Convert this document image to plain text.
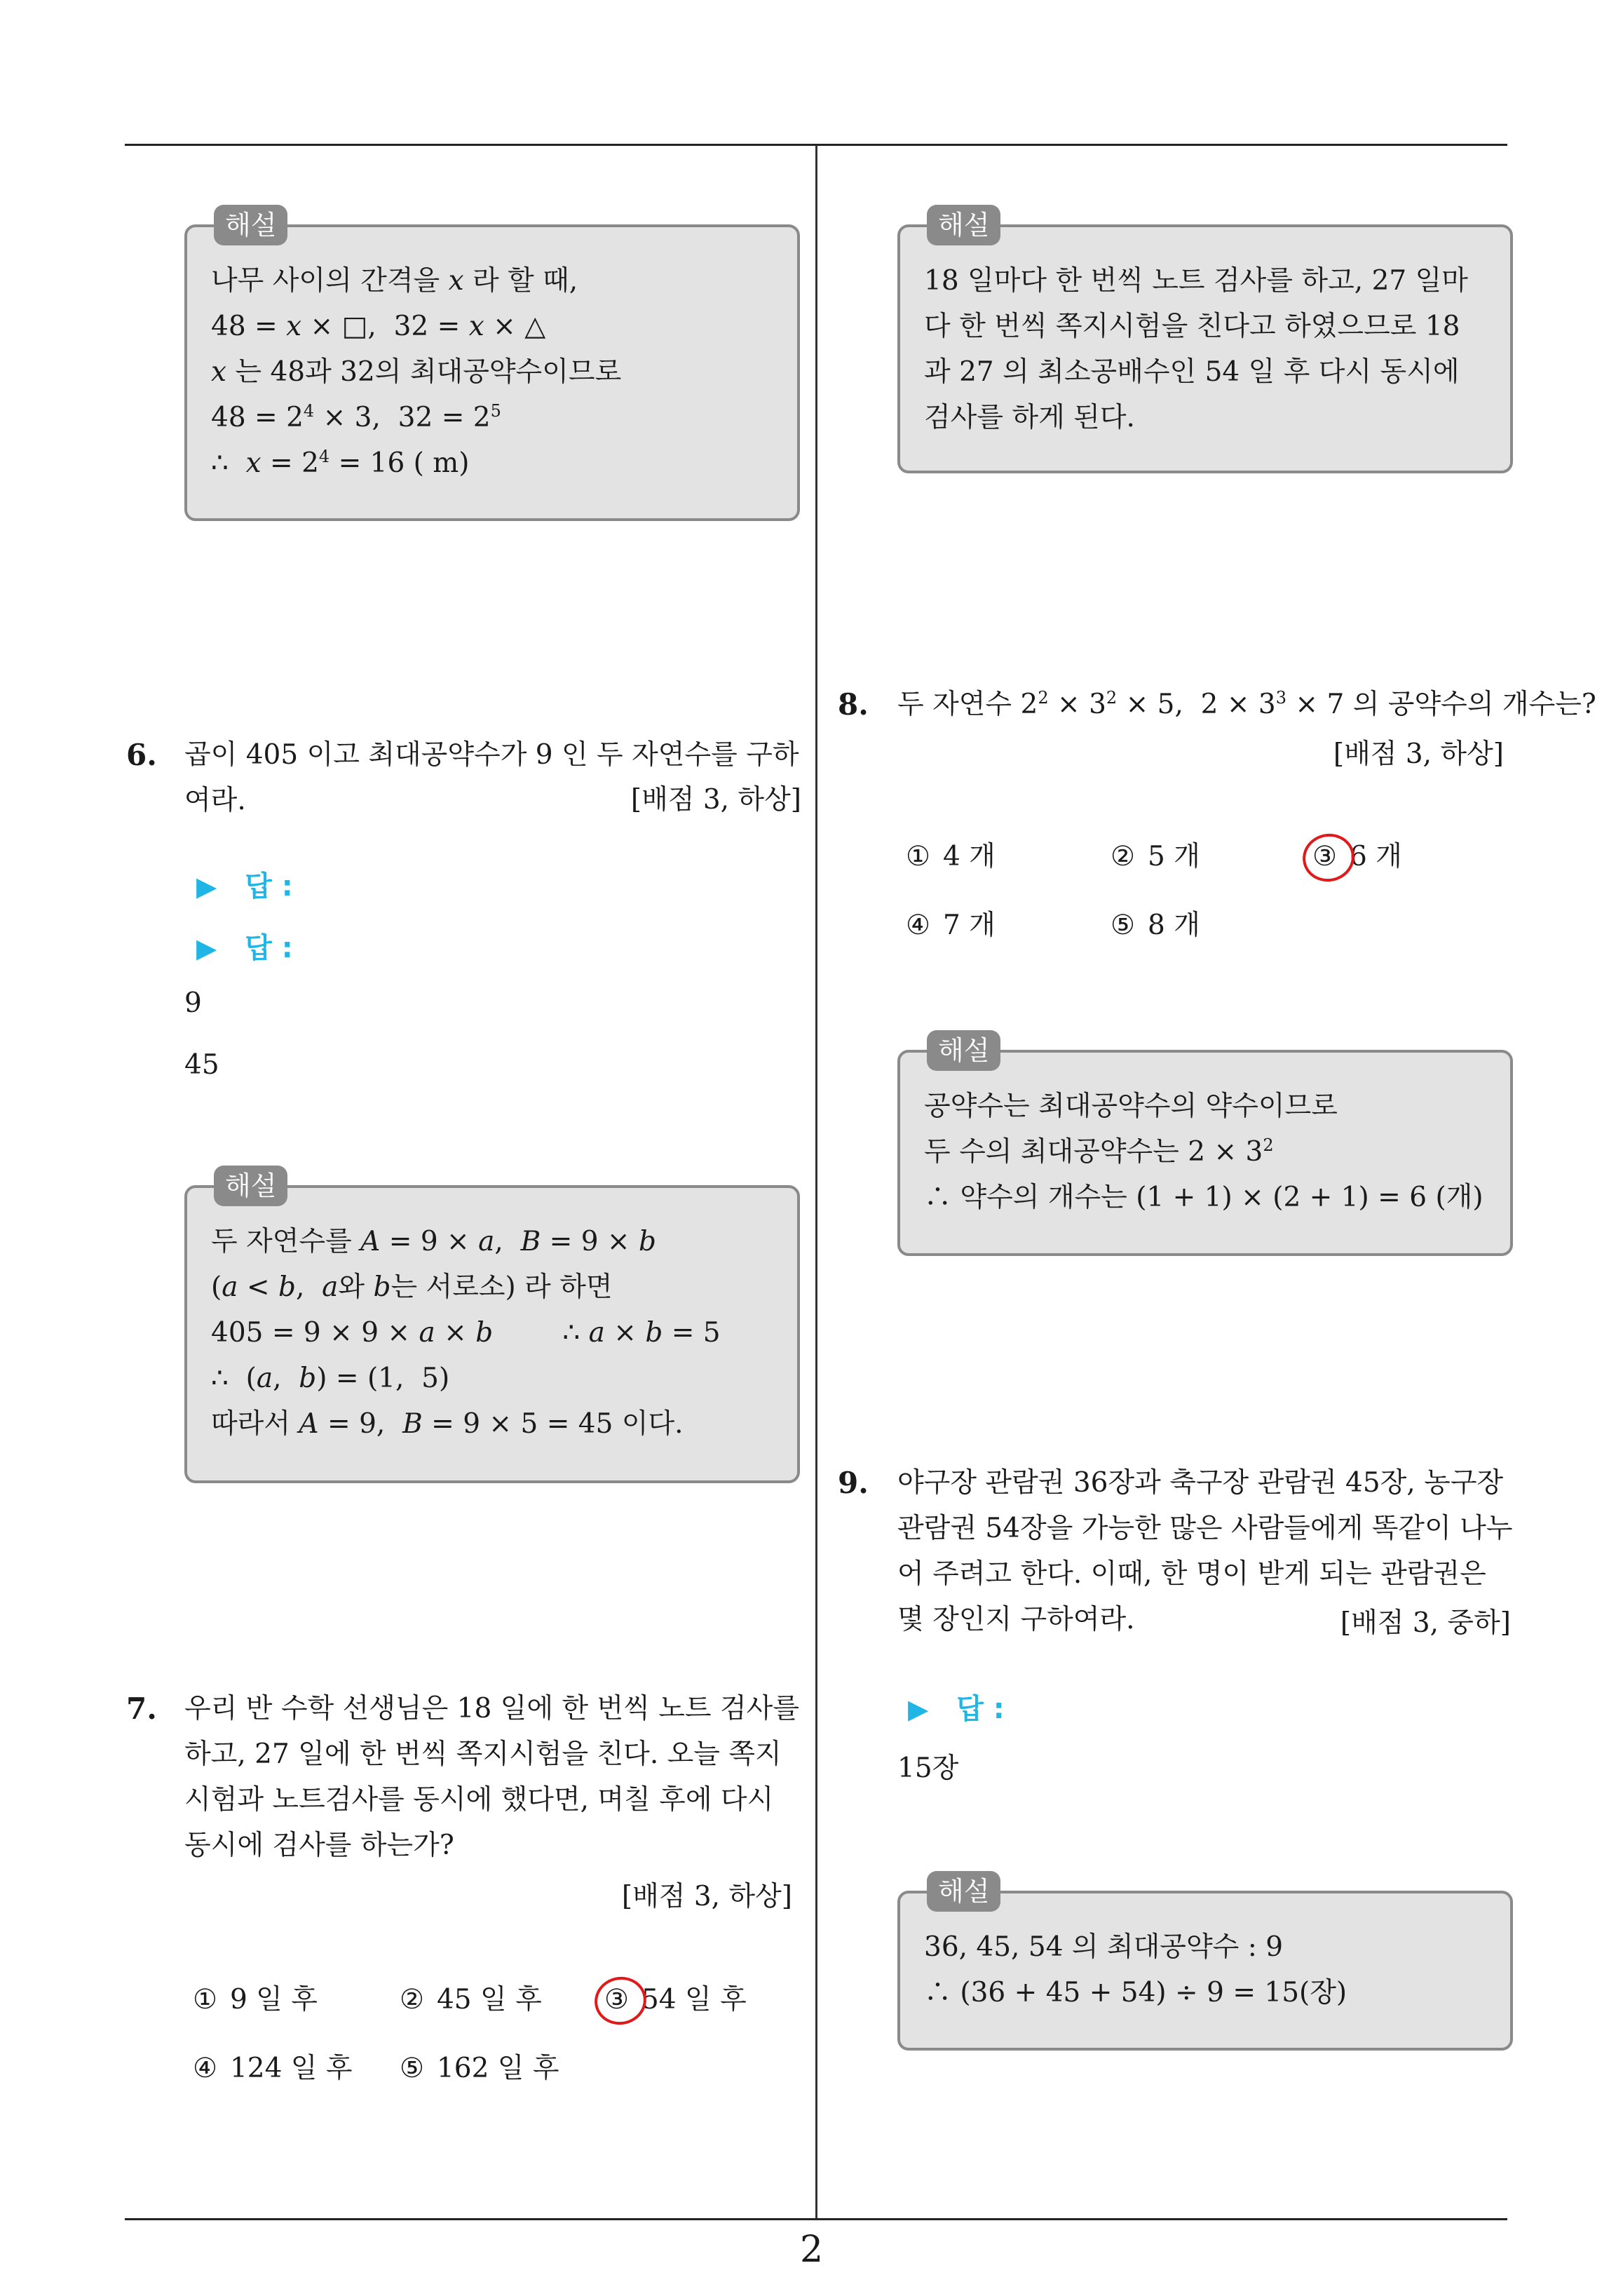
해설
나무 사이의 간격을 x 라 할 때,
48 = x × □,  32 = x × △
x 는 48과 32의 최대공약수이므로
$48 = 2^4 \times 3$,  $32 = 2^5$
∴  $x = 2^4 = 16$ ( m)
해설
18 일마다 한 번씩 노트 검사를 하고, 27 일마다 한 번씩 쪽지시험을 친다고 하였으므로 18 과 27 의 최소공배수인 54 일 후 다시 동시에 검사를 하게 된다.
6. 곱이 405 이고 최대공약수가 9 인 두 자연수를 구하여라.	[배점 3, 하상]
▶ 답 :
▶ 답 :
9
45
해설
두 자연수를 A = 9 × a,  B = 9 × b
(a < b,  a와 b는 서로소) 라 하면
405 = 9 × 9 × a × b        ∴ a × b = 5
∴  (a,  b) = (1,  5)
따라서 A = 9,  B = 9 × 5 = 45 이다.
7. 우리 반 수학 선생님은 18 일에 한 번씩 노트 검사를 하고, 27 일에 한 번씩 쪽지시험을 친다. 오늘 쪽지시험과 노트검사를 동시에 했다면, 며칠 후에 다시 동시에 검사를 하는가?
[배점 3, 하상]
① 9 일 후	② 45 일 후 ③ 54 일 후
④ 124 일 후 ⑤ 162 일 후
8. 두 자연수 $2^2 \times 3^2 \times 5$,  $2 \times 3^3 \times 7$ 의 공약수의 개수는?
[배점 3, 하상]
① 4 개	② 5 개	③ 6 개
④ 7 개	⑤ 8 개
해설
공약수는 최대공약수의 약수이므로
두 수의 최대공약수는 $2 \times 3^2$
∴ 약수의 개수는 (1 + 1) × (2 + 1) = 6 (개)
9. 야구장 관람권 36장과 축구장 관람권 45장, 농구장 관람권 54장을 가능한 많은 사람들에게 똑같이 나누어 주려고 한다. 이때, 한 명이 받게 되는 관람권은 몇 장인지 구하여라.	[배점 3, 중하]
▶ 답 :
15장
해설
36, 45, 54 의 최대공약수 : 9
∴ (36 + 45 + 54) ÷ 9 = 15(장)
2
